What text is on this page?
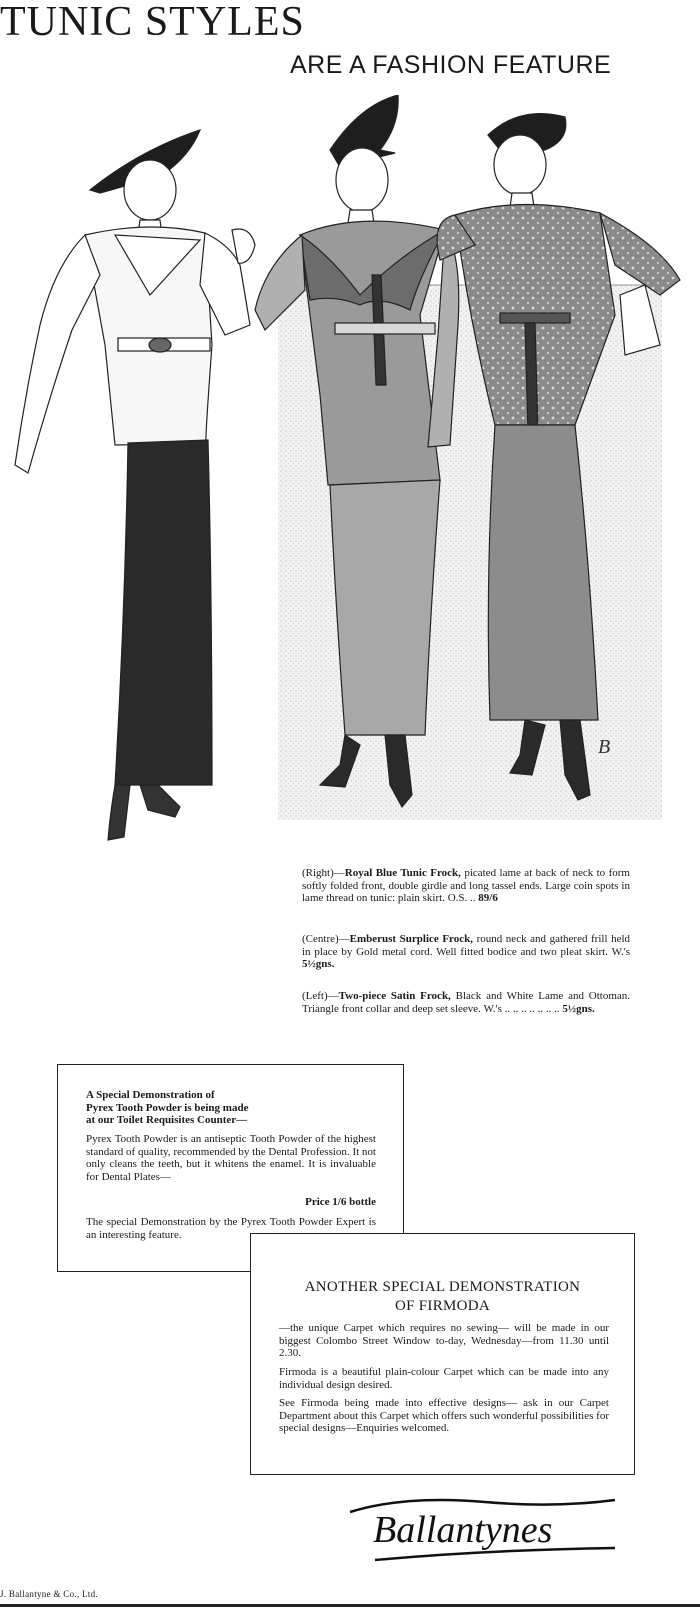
TUNIC STYLES
ARE A FASHION FEATURE
B
(Right)—Royal Blue Tunic Frock, picated lame at back of neck to form softly folded front, double girdle and long tassel ends. Large coin spots in lame thread on tunic: plain skirt. O.S. .. 89/6
(Centre)—Emberust Surplice Frock, round neck and gathered frill held in place by Gold metal cord. Well fitted bodice and two pleat skirt. W.'s 5½gns.
(Left)—Two-piece Satin Frock, Black and White Lame and Ottoman. Triangle front collar and deep set sleeve. W.'s .. .. .. .. .. .. .. 5½gns.
A Special Demonstration of
Pyrex Tooth Powder is being made
at our Toilet Requisites Counter—
Pyrex Tooth Powder is an antiseptic Tooth Powder of the highest standard of quality, recommended by the Dental Profession. It not only cleans the teeth, but it whitens the enamel. It is invaluable for Dental Plates—
Price 1/6 bottle
The special Demonstration by the Pyrex Tooth Powder Expert is an interesting feature.
ANOTHER SPECIAL DEMONSTRATION
OF FIRMODA
—the unique Carpet which requires no sewing— will be made in our biggest Colombo Street Window to-day, Wednesday—from 11.30 until 2.30.
Firmoda is a beautiful plain-colour Carpet which can be made into any individual design desired.
See Firmoda being made into effective designs— ask in our Carpet Department about this Carpet which offers such wonderful possibilities for special designs—Enquiries welcomed.
Ballantynes
J. Ballantyne & Co., Ltd.
